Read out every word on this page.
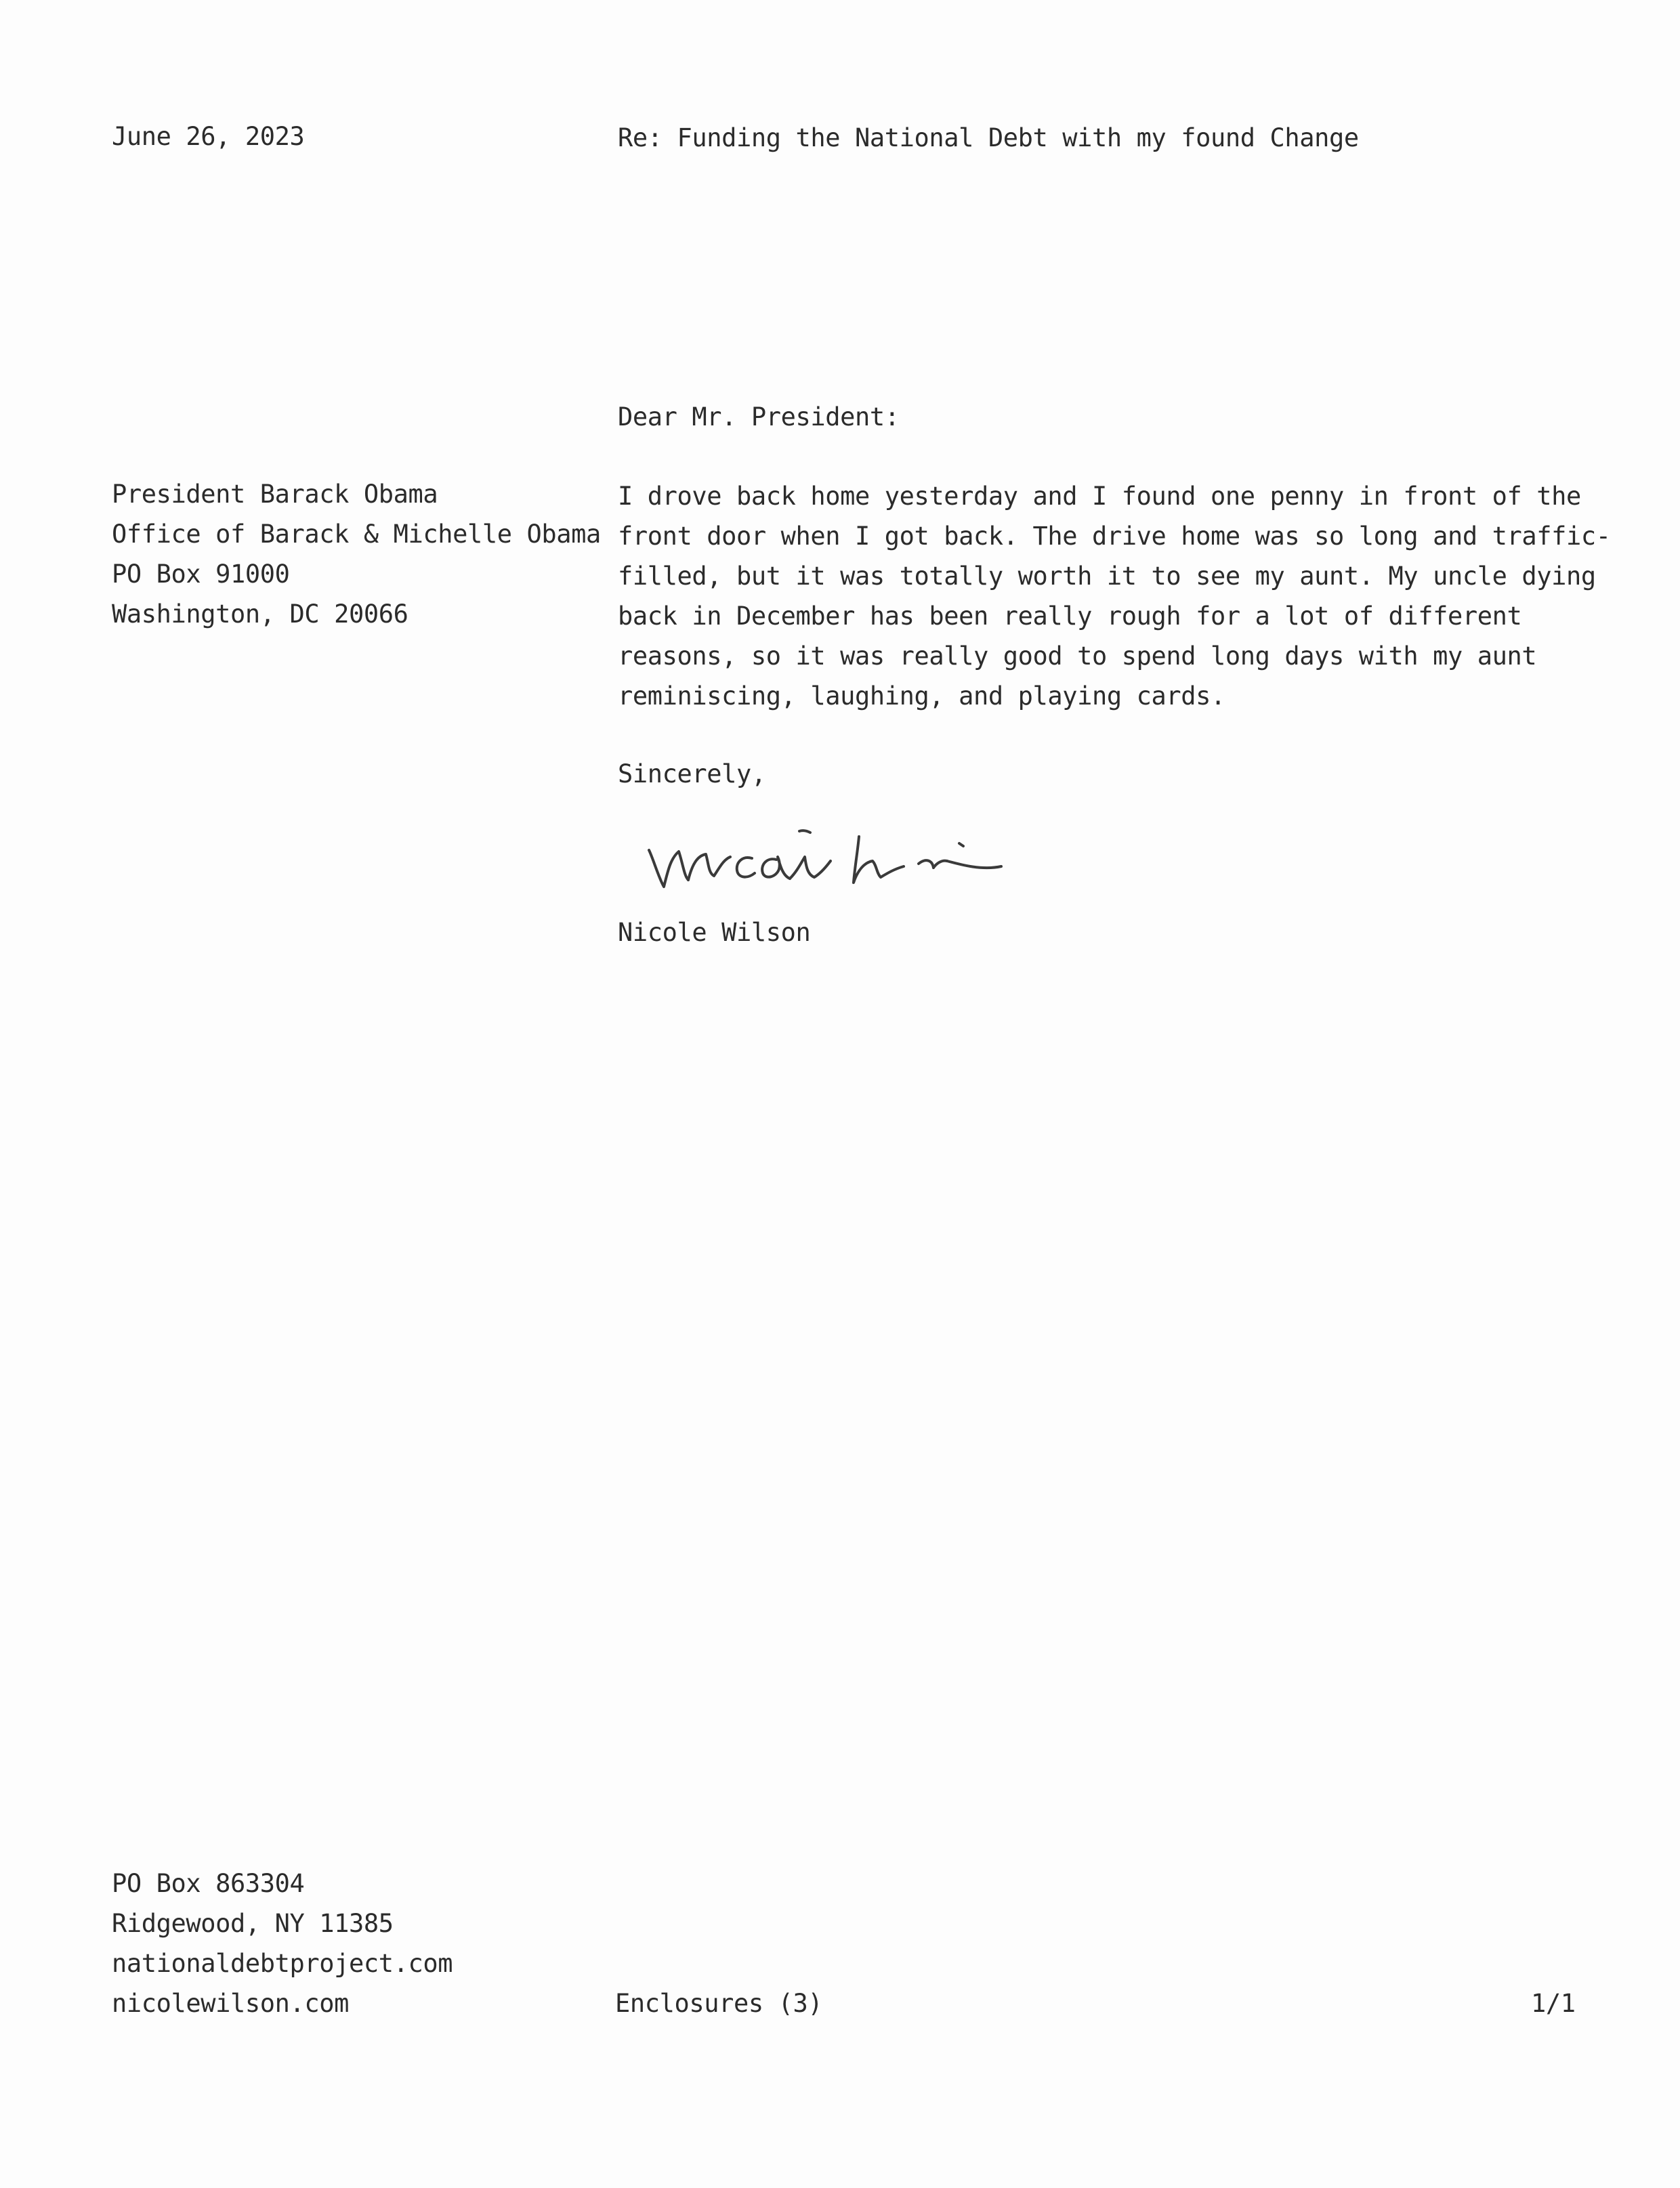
June 26, 2023	Re: Funding the National Debt with my found Change
Dear Mr. President:
President Barack Obama
Office of Barack & Michelle Obama
PO Box 91000
Washington, DC 20066
I drove back home yesterday and I found one penny in front of the
front door when I got back. The drive home was so long and traffic-
filled, but it was totally worth it to see my aunt. My uncle dying
back in December has been really rough for a lot of different
reasons, so it was really good to spend long days with my aunt
reminiscing, laughing, and playing cards.
Sincerely,
Nicole Wilson
PO Box 863304
Ridgewood, NY 11385
nationaldebtproject.com
nicolewilson.com	Enclosures (3)	1/1
